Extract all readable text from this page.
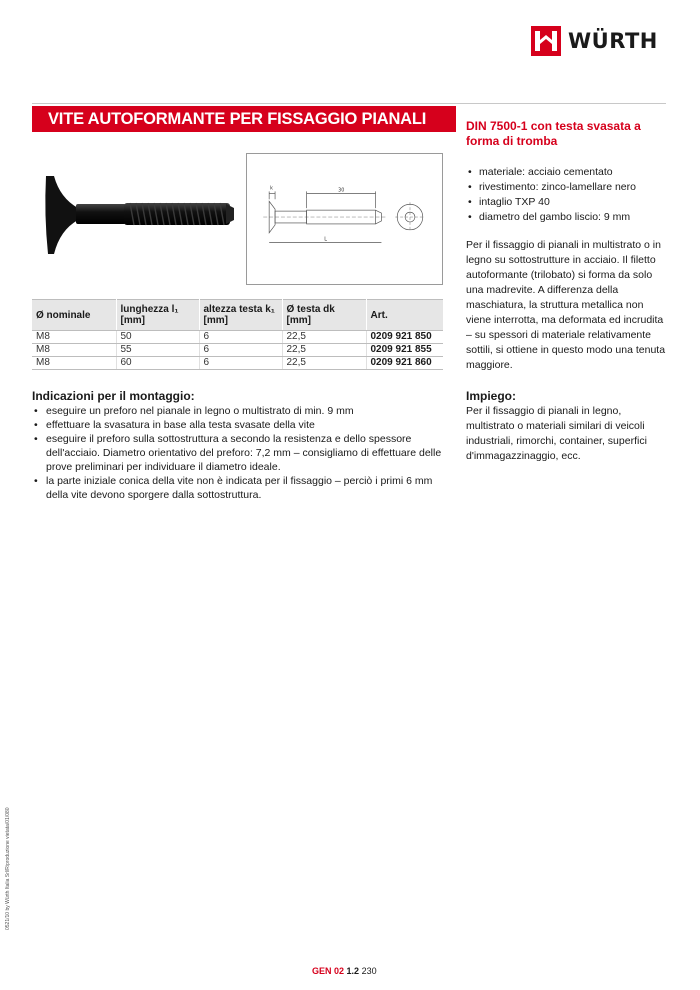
WÜRTH
VITE AUTOFORMANTE PER FISSAGGIO PIANALI	DIN 7500-1 con testa svasata a forma di tromba
30
k
L
• materiale: acciaio cementato
• rivestimento: zinco-lamellare nero
• intaglio TXP 40
• diametro del gambo liscio: 9 mm

Per il fissaggio di pianali in multistrato o in legno su sottostrutture in acciaio. Il filetto autoformante (trilobato) si forma da solo una madrevite. A differenza della maschiatura, la struttura metallica non viene interrotta, ma deformata ed incrudita – su spessori di materiale relativamente sottili, si ottiene in questo modo una tenuta maggiore.

Ø nominale	lunghezza l₁ [mm]	altezza testa k₁ [mm]	Ø testa dk [mm]	Art.
M8	50	6	22,5	0209 921 850
M8	55	6	22,5	0209 921 855
M8	60	6	22,5	0209 921 860
Indicazioni per il montaggio:
• eseguire un preforo nel pianale in legno o multistrato di min. 9 mm
• effettuare la svasatura in base alla testa svasate della vite
• eseguire il preforo sulla sottostruttura a secondo la resistenza e dello spessore dell'acciaio. Diametro orientativo del preforo: 7,2 mm – consigliamo di effettuare delle prove preliminari per individuare il diametro ideale.
• la parte iniziale conica della vite non è indicata per il fissaggio – perciò i primi 6 mm della vite devono sporgere dalla sottostruttura.
Impiego:

Per il fissaggio di pianali in legno, multistrato o materiali similari di veicoli industriali, rimorchi, container, superfici d'immagazzinaggio, ecc.

0521/10 by Würth Italia Srl/Riproduzione vietata/01/080
GEN 02 1.2 230
